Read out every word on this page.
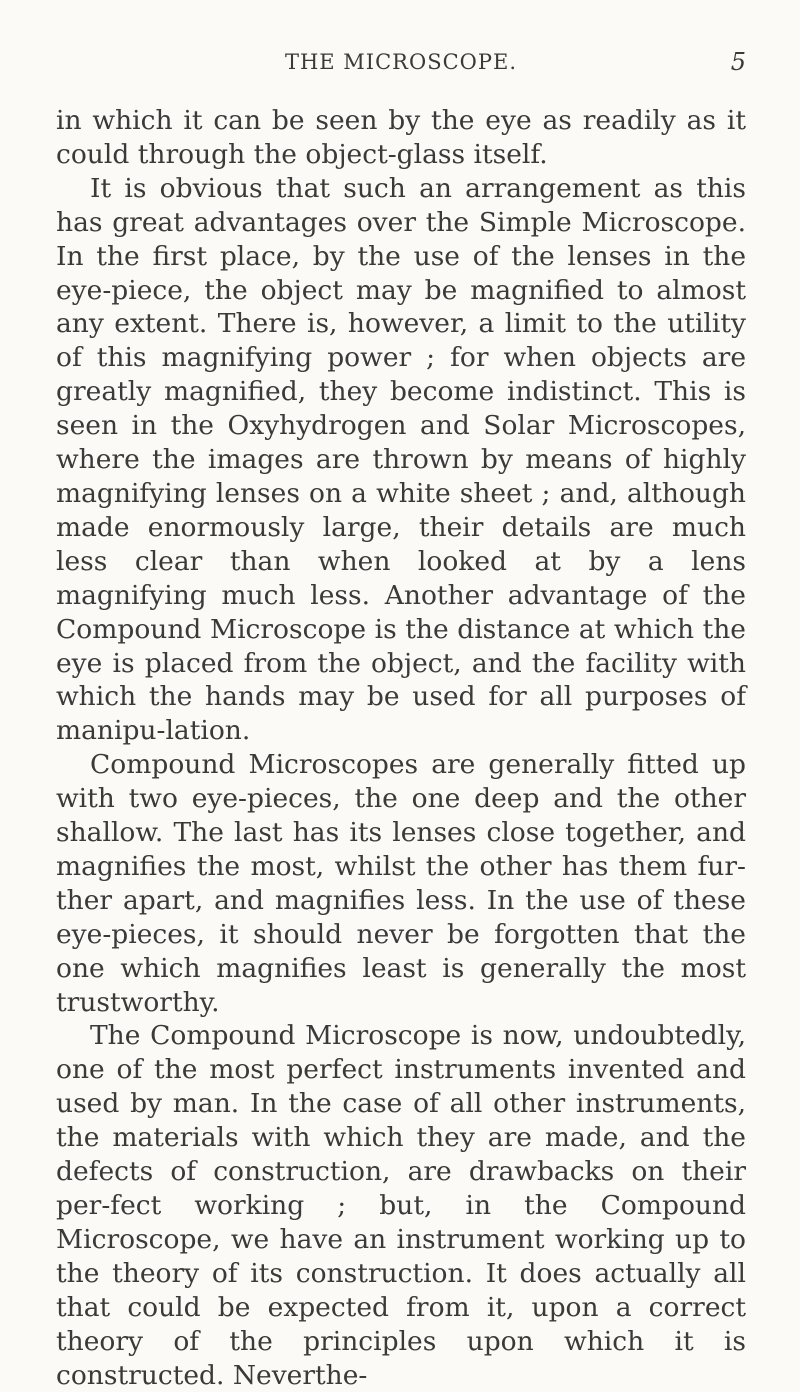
THE MICROSCOPE.	5

in which it can be seen by the eye as readily as it could through the object-glass itself.

It is obvious that such an arrangement as this has great advantages over the Simple Microscope. In the first place, by the use of the lenses in the eye-piece, the object may be magnified to almost any extent. There is, however, a limit to the utility of this magnifying power ; for when objects are greatly magnified, they become indistinct. This is seen in the Oxyhydrogen and Solar Microscopes, where the images are thrown by means of highly magnifying lenses on a white sheet ; and, although made enormously large, their details are much less clear than when looked at by a lens magnifying much less. Another advantage of the Compound Microscope is the distance at which the eye is placed from the object, and the facility with which the hands may be used for all purposes of manipu-lation.

Compound Microscopes are generally fitted up with two eye-pieces, the one deep and the other shallow. The last has its lenses close together, and magnifies the most, whilst the other has them fur-ther apart, and magnifies less. In the use of these eye-pieces, it should never be forgotten that the one which magnifies least is generally the most trustworthy.

The Compound Microscope is now, undoubtedly, one of the most perfect instruments invented and used by man. In the case of all other instruments, the materials with which they are made, and the defects of construction, are drawbacks on their per-fect working ; but, in the Compound Microscope, we have an instrument working up to the theory of its construction. It does actually all that could be expected from it, upon a correct theory of the principles upon which it is constructed. Neverthe-
